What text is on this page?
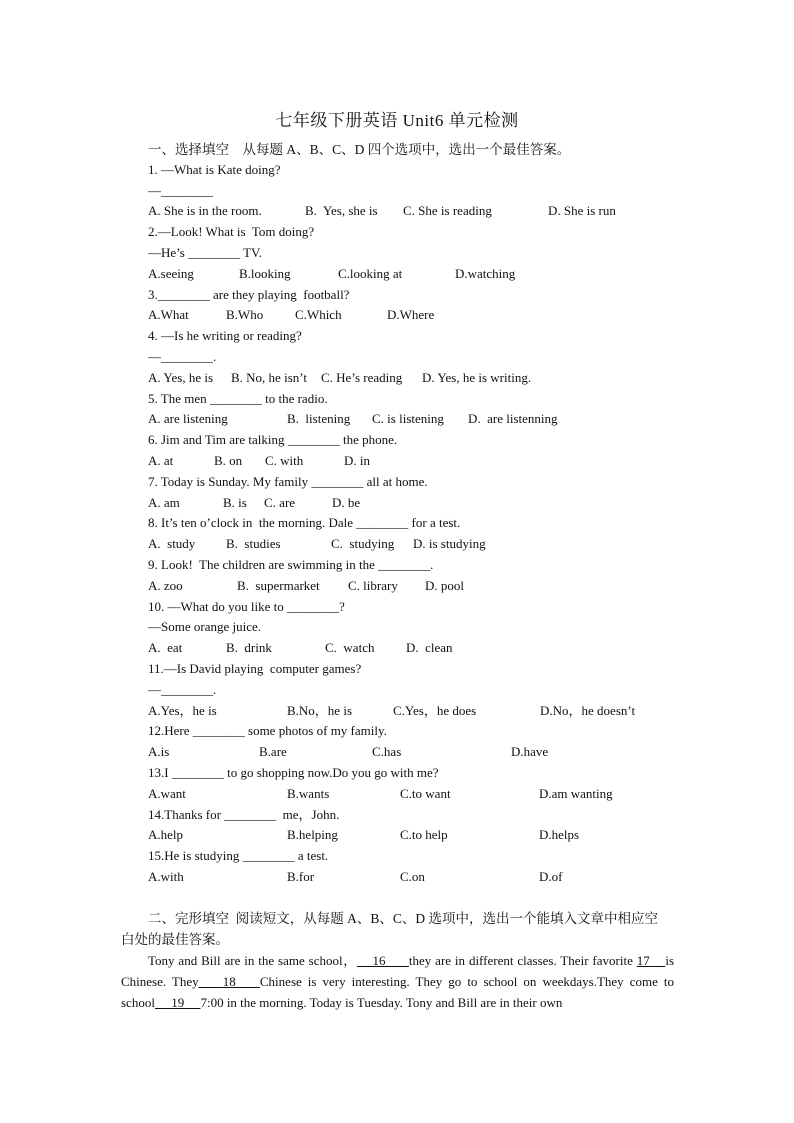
七年级下册英语 Unit6 单元检测
一、选择填空    从每题 A、B、C、D 四个选项中，选出一个最佳答案。
1. —What is Kate doing?
—________
A. She is in the room.	B.  Yes, she is C. She is reading	D. She is run
2.—Look! What is  Tom doing?
—He’s ________ TV.
A.seeing	B.looking	C.looking at	D.watching
3.________ are they playing  football?
A.What	B.Who C.Which	D.Where
4. —Is he writing or reading?
—________.
A. Yes, he is B. No, he isn’t C. He’s reading D. Yes, he is writing.
5. The men ________ to the radio.
A. are listening	B.  listening C. is listening D.  are listenning
6. Jim and Tim are talking ________ the phone.
A. at	B. on C. with	D. in
7. Today is Sunday. My family ________ all at home.
A. am	B. is C. are	D. be
8. It’s ten o’clock in  the morning. Dale ________ for a test.
A.  study B.  studies	C.  studying D. is studying
9. Look!  The children are swimming in the ________.
A. zoo	B.  supermarket C. library D. pool
10. —What do you like to ________?
—Some orange juice.
A.  eat	B.  drink	C.  watch D.  clean
11.—Is David playing  computer games?
—________.
A.Yes，he is	B.No，he is	C.Yes，he does	D.No，he doesn’t
12.Here ________ some photos of my family.
A.is	B.are	C.has	D.have
13.I ________ to go shopping now.Do you go with me?
A.want	B.wants	C.to want	D.am wanting
14.Thanks for ________  me，John.
A.help	B.helping	C.to help	D.helps
15.He is studying ________ a test.
A.with	B.for	C.on	D.of
二、完形填空  阅读短文，从每题 A、B、C、D 选项中，选出一个能填入文章中相应空
白处的最佳答案。

Tony and Bill are in the same school， 16 they are in different classes. Their favorite 17 is Chinese. They 18 Chinese is very interesting. They go to school on weekdays.They come to school 19 7:00 in the morning. Today is Tuesday. Tony and Bill are in their own
